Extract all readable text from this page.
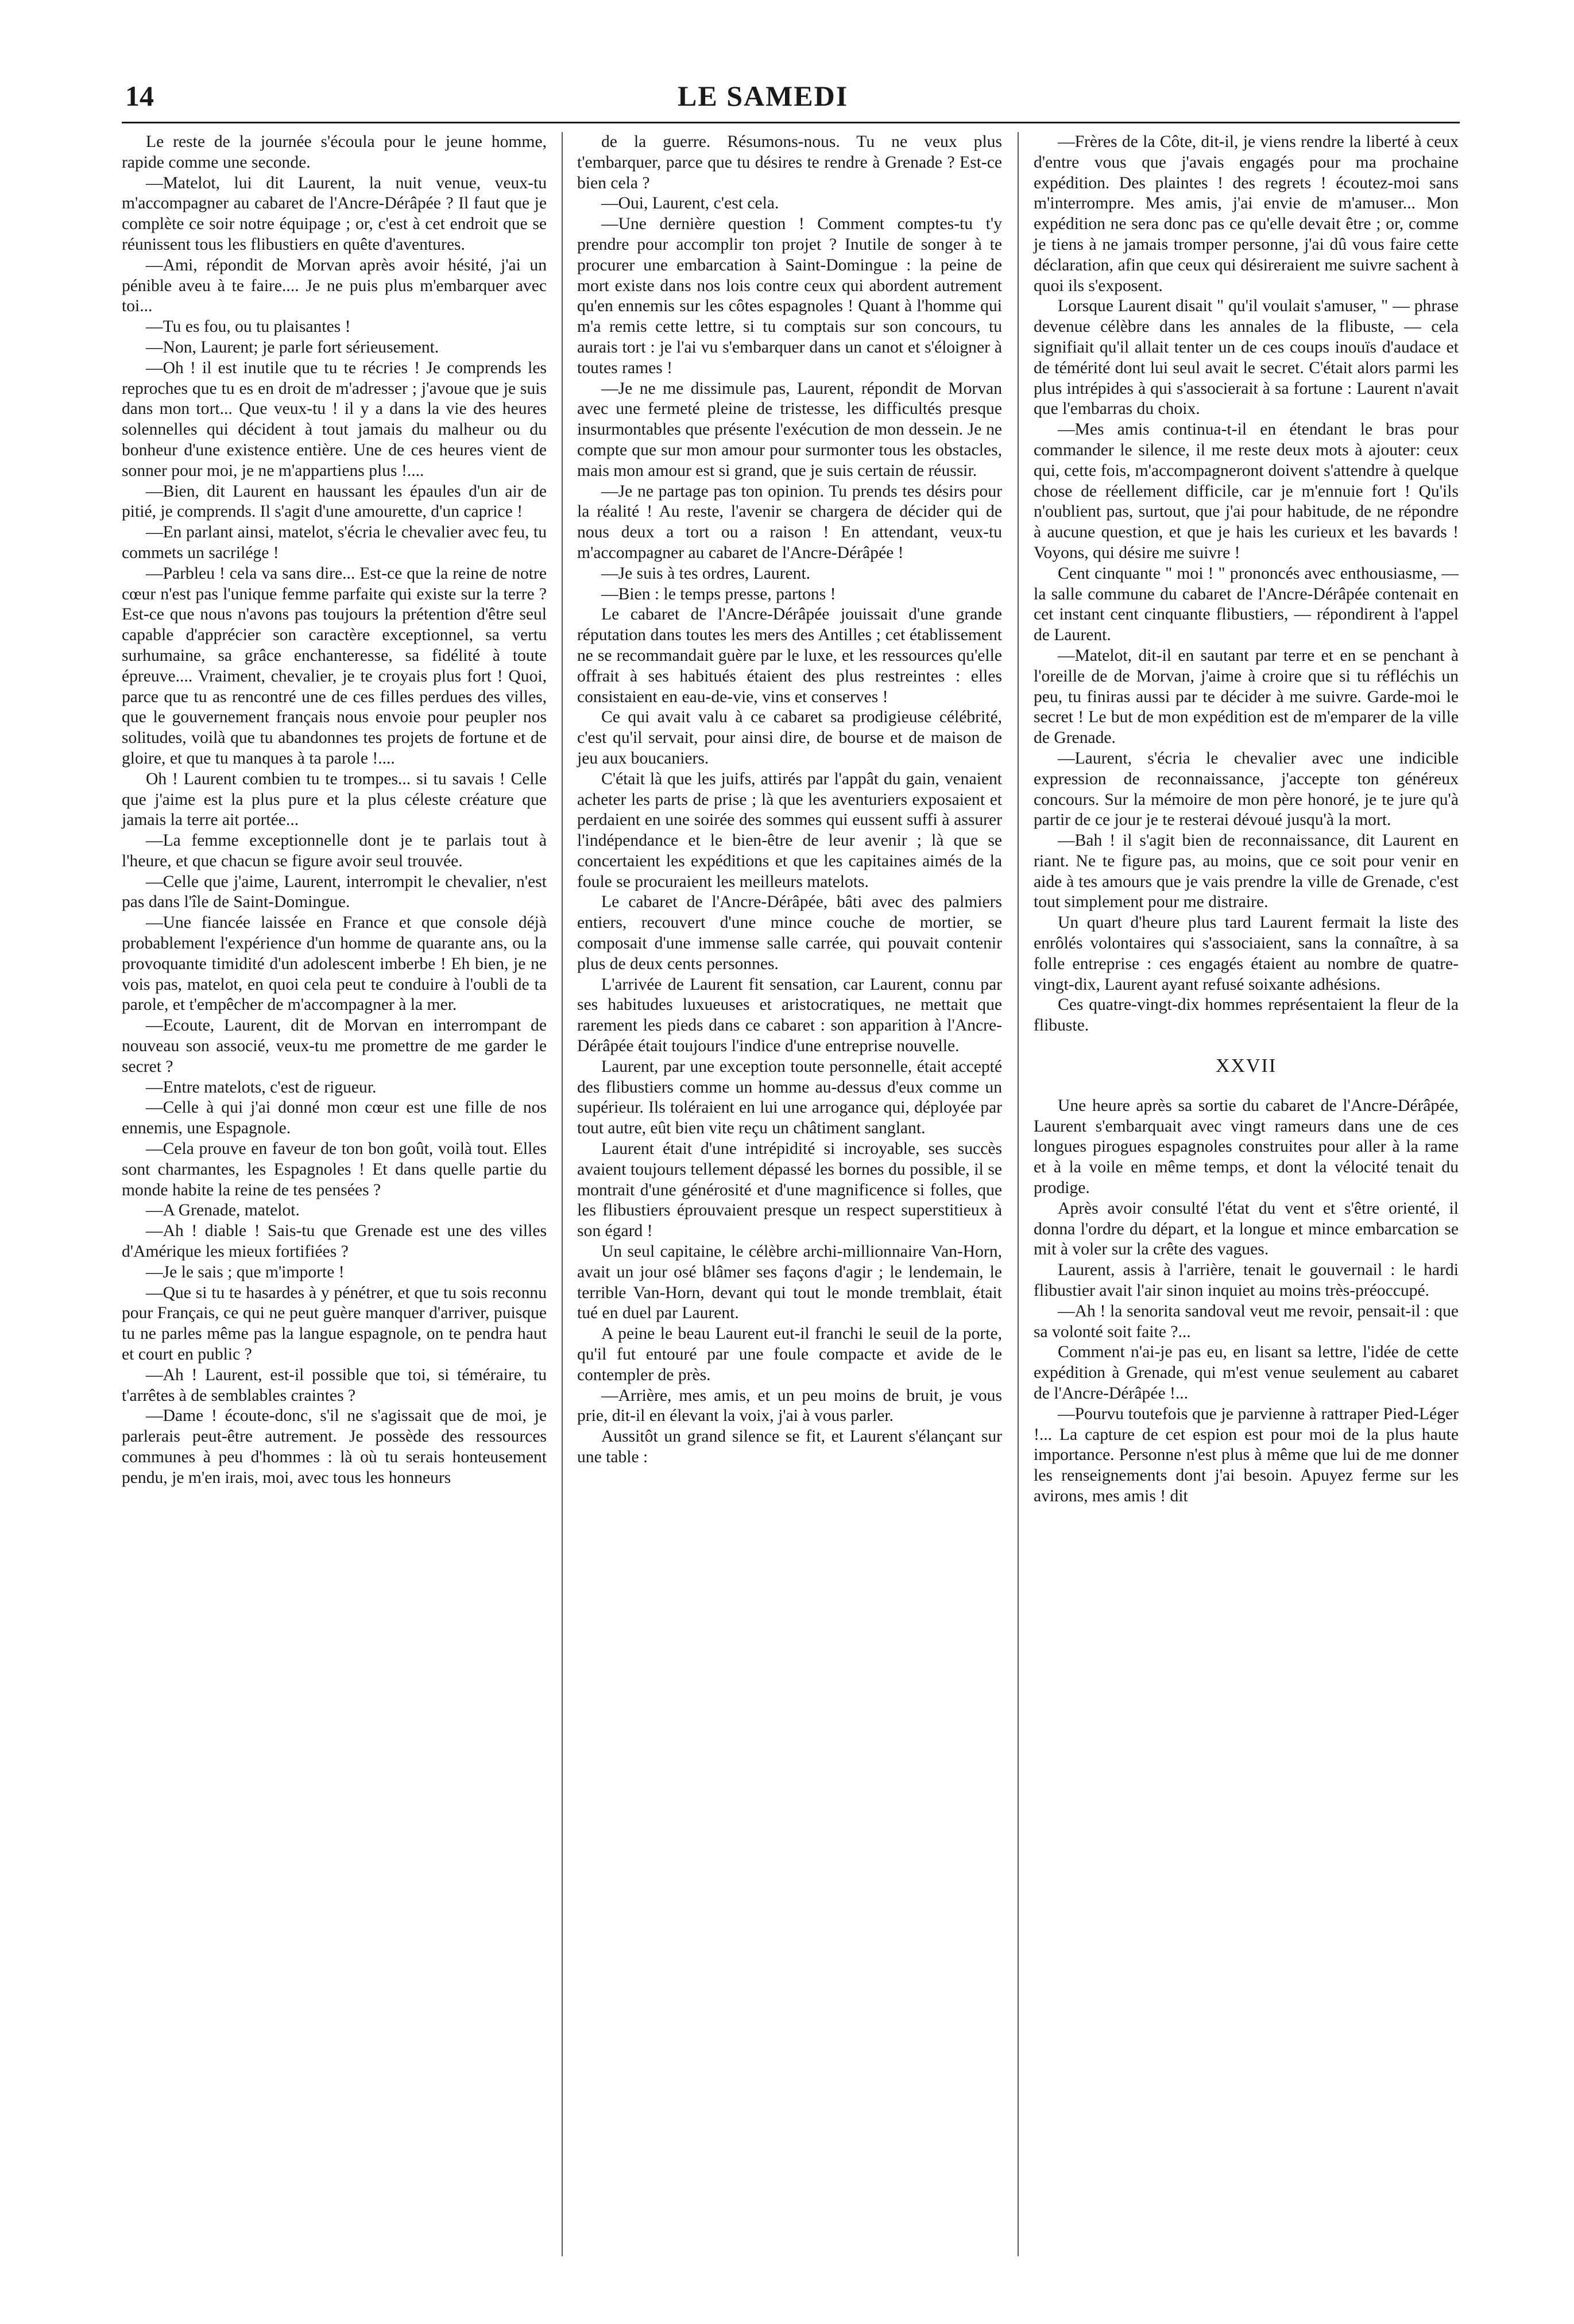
14	LE SAMEDI

Le reste de la journée s'écoula pour le jeune homme, rapide comme une seconde.

—Matelot, lui dit Laurent, la nuit venue, veux-tu m'accompagner au cabaret de l'Ancre-Dérâpée ? Il faut que je complète ce soir notre équipage ; or, c'est à cet endroit que se réunissent tous les flibustiers en quête d'aventures.

—Ami, répondit de Morvan après avoir hésité, j'ai un pénible aveu à te faire.... Je ne puis plus m'embarquer avec toi...

—Tu es fou, ou tu plaisantes !

—Non, Laurent; je parle fort sérieusement.

—Oh ! il est inutile que tu te récries ! Je comprends les reproches que tu es en droit de m'adresser ; j'avoue que je suis dans mon tort... Que veux-tu ! il y a dans la vie des heures solennelles qui décident à tout jamais du malheur ou du bonheur d'une existence entière. Une de ces heures vient de sonner pour moi, je ne m'appartiens plus !....

—Bien, dit Laurent en haussant les épaules d'un air de pitié, je comprends. Il s'agit d'une amourette, d'un caprice !

—En parlant ainsi, matelot, s'écria le chevalier avec feu, tu commets un sacrilége !

—Parbleu ! cela va sans dire... Est-ce que la reine de notre cœur n'est pas l'unique femme parfaite qui existe sur la terre ? Est-ce que nous n'avons pas toujours la prétention d'être seul capable d'apprécier son caractère exceptionnel, sa vertu surhumaine, sa grâce enchanteresse, sa fidélité à toute épreuve.... Vraiment, chevalier, je te croyais plus fort ! Quoi, parce que tu as rencontré une de ces filles perdues des villes, que le gouvernement français nous envoie pour peupler nos solitudes, voilà que tu abandonnes tes projets de fortune et de gloire, et que tu manques à ta parole !....

Oh ! Laurent combien tu te trompes... si tu savais ! Celle que j'aime est la plus pure et la plus céleste créature que jamais la terre ait portée...

—La femme exceptionnelle dont je te parlais tout à l'heure, et que chacun se figure avoir seul trouvée.

—Celle que j'aime, Laurent, interrompit le chevalier, n'est pas dans l'île de Saint-Domingue.

—Une fiancée laissée en France et que console déjà probablement l'expérience d'un homme de quarante ans, ou la provoquante timidité d'un adolescent imberbe ! Eh bien, je ne vois pas, matelot, en quoi cela peut te conduire à l'oubli de ta parole, et t'empêcher de m'accompagner à la mer.

—Ecoute, Laurent, dit de Morvan en interrompant de nouveau son associé, veux-tu me promettre de me garder le secret ?

—Entre matelots, c'est de rigueur.

—Celle à qui j'ai donné mon cœur est une fille de nos ennemis, une Espagnole.

—Cela prouve en faveur de ton bon goût, voilà tout. Elles sont charmantes, les Espagnoles ! Et dans quelle partie du monde habite la reine de tes pensées ?

—A Grenade, matelot.

—Ah ! diable ! Sais-tu que Grenade est une des villes d'Amérique les mieux fortifiées ?

—Je le sais ; que m'importe !

—Que si tu te hasardes à y pénétrer, et que tu sois reconnu pour Français, ce qui ne peut guère manquer d'arriver, puisque tu ne parles même pas la langue espagnole, on te pendra haut et court en public ?

—Ah ! Laurent, est-il possible que toi, si téméraire, tu t'arrêtes à de semblables craintes ?

—Dame ! écoute-donc, s'il ne s'agissait que de moi, je parlerais peut-être autrement. Je possède des ressources communes à peu d'hommes : là où tu serais honteusement pendu, je m'en irais, moi, avec tous les honneurs

de la guerre. Résumons-nous. Tu ne veux plus t'embarquer, parce que tu désires te rendre à Grenade ? Est-ce bien cela ?

—Oui, Laurent, c'est cela.

—Une dernière question ! Comment comptes-tu t'y prendre pour accomplir ton projet ? Inutile de songer à te procurer une embarcation à Saint-Domingue : la peine de mort existe dans nos lois contre ceux qui abordent autrement qu'en ennemis sur les côtes espagnoles ! Quant à l'homme qui m'a remis cette lettre, si tu comptais sur son concours, tu aurais tort : je l'ai vu s'embarquer dans un canot et s'éloigner à toutes rames !

—Je ne me dissimule pas, Laurent, répondit de Morvan avec une fermeté pleine de tristesse, les difficultés presque insurmontables que présente l'exécution de mon dessein. Je ne compte que sur mon amour pour surmonter tous les obstacles, mais mon amour est si grand, que je suis certain de réussir.

—Je ne partage pas ton opinion. Tu prends tes désirs pour la réalité ! Au reste, l'avenir se chargera de décider qui de nous deux a tort ou a raison ! En attendant, veux-tu m'accompagner au cabaret de l'Ancre-Dérâpée !

—Je suis à tes ordres, Laurent.

—Bien : le temps presse, partons !

Le cabaret de l'Ancre-Dérâpée jouissait d'une grande réputation dans toutes les mers des Antilles ; cet établissement ne se recommandait guère par le luxe, et les ressources qu'elle offrait à ses habitués étaient des plus restreintes : elles consistaient en eau-de-vie, vins et conserves !

Ce qui avait valu à ce cabaret sa prodigieuse célébrité, c'est qu'il servait, pour ainsi dire, de bourse et de maison de jeu aux boucaniers.

C'était là que les juifs, attirés par l'appât du gain, venaient acheter les parts de prise ; là que les aventuriers exposaient et perdaient en une soirée des sommes qui eussent suffi à assurer l'indépendance et le bien-être de leur avenir ; là que se concertaient les expéditions et que les capitaines aimés de la foule se procuraient les meilleurs matelots.

Le cabaret de l'Ancre-Dérâpée, bâti avec des palmiers entiers, recouvert d'une mince couche de mortier, se composait d'une immense salle carrée, qui pouvait contenir plus de deux cents personnes.

L'arrivée de Laurent fit sensation, car Laurent, connu par ses habitudes luxueuses et aristocratiques, ne mettait que rarement les pieds dans ce cabaret : son apparition à l'Ancre-Dérâpée était toujours l'indice d'une entreprise nouvelle.

Laurent, par une exception toute personnelle, était accepté des flibustiers comme un homme au-dessus d'eux comme un supérieur. Ils toléraient en lui une arrogance qui, déployée par tout autre, eût bien vite reçu un châtiment sanglant.

Laurent était d'une intrépidité si incroyable, ses succès avaient toujours tellement dépassé les bornes du possible, il se montrait d'une générosité et d'une magnificence si folles, que les flibustiers éprouvaient presque un respect superstitieux à son égard !

Un seul capitaine, le célèbre archi-millionnaire Van-Horn, avait un jour osé blâmer ses façons d'agir ; le lendemain, le terrible Van-Horn, devant qui tout le monde tremblait, était tué en duel par Laurent.

A peine le beau Laurent eut-il franchi le seuil de la porte, qu'il fut entouré par une foule compacte et avide de le contempler de près.

—Arrière, mes amis, et un peu moins de bruit, je vous prie, dit-il en élevant la voix, j'ai à vous parler.

Aussitôt un grand silence se fit, et Laurent s'élançant sur une table :

—Frères de la Côte, dit-il, je viens rendre la liberté à ceux d'entre vous que j'avais engagés pour ma prochaine expédition. Des plaintes ! des regrets ! écoutez-moi sans m'interrompre. Mes amis, j'ai envie de m'amuser... Mon expédition ne sera donc pas ce qu'elle devait être ; or, comme je tiens à ne jamais tromper personne, j'ai dû vous faire cette déclaration, afin que ceux qui désireraient me suivre sachent à quoi ils s'exposent.

Lorsque Laurent disait " qu'il voulait s'amuser, " — phrase devenue célèbre dans les annales de la flibuste, — cela signifiait qu'il allait tenter un de ces coups inouïs d'audace et de témérité dont lui seul avait le secret. C'était alors parmi les plus intrépides à qui s'associerait à sa fortune : Laurent n'avait que l'embarras du choix.

—Mes amis continua-t-il en étendant le bras pour commander le silence, il me reste deux mots à ajouter: ceux qui, cette fois, m'accompagneront doivent s'attendre à quelque chose de réellement difficile, car je m'ennuie fort ! Qu'ils n'oublient pas, surtout, que j'ai pour habitude, de ne répondre à aucune question, et que je hais les curieux et les bavards ! Voyons, qui désire me suivre !

Cent cinquante " moi ! " prononcés avec enthousiasme, — la salle commune du cabaret de l'Ancre-Dérâpée contenait en cet instant cent cinquante flibustiers, — répondirent à l'appel de Laurent.

—Matelot, dit-il en sautant par terre et en se penchant à l'oreille de de Morvan, j'aime à croire que si tu réfléchis un peu, tu finiras aussi par te décider à me suivre. Garde-moi le secret ! Le but de mon expédition est de m'emparer de la ville de Grenade.

—Laurent, s'écria le chevalier avec une indicible expression de reconnaissance, j'accepte ton généreux concours. Sur la mémoire de mon père honoré, je te jure qu'à partir de ce jour je te resterai dévoué jusqu'à la mort.

—Bah ! il s'agit bien de reconnaissance, dit Laurent en riant. Ne te figure pas, au moins, que ce soit pour venir en aide à tes amours que je vais prendre la ville de Grenade, c'est tout simplement pour me distraire.

Un quart d'heure plus tard Laurent fermait la liste des enrôlés volontaires qui s'associaient, sans la connaître, à sa folle entreprise : ces engagés étaient au nombre de quatre-vingt-dix, Laurent ayant refusé soixante adhésions.

Ces quatre-vingt-dix hommes représentaient la fleur de la flibuste.

XXVII

Une heure après sa sortie du cabaret de l'Ancre-Dérâpée, Laurent s'embarquait avec vingt rameurs dans une de ces longues pirogues espagnoles construites pour aller à la rame et à la voile en même temps, et dont la vélocité tenait du prodige.

Après avoir consulté l'état du vent et s'être orienté, il donna l'ordre du départ, et la longue et mince embarcation se mit à voler sur la crête des vagues.

Laurent, assis à l'arrière, tenait le gouvernail : le hardi flibustier avait l'air sinon inquiet au moins très-préoccupé.

—Ah ! la senorita sandoval veut me revoir, pensait-il : que sa volonté soit faite ?...

Comment n'ai-je pas eu, en lisant sa lettre, l'idée de cette expédition à Grenade, qui m'est venue seulement au cabaret de l'Ancre-Dérâpée !...

—Pourvu toutefois que je parvienne à rattraper Pied-Léger !... La capture de cet espion est pour moi de la plus haute importance. Personne n'est plus à même que lui de me donner les renseignements dont j'ai besoin. Apuyez ferme sur les avirons, mes amis ! dit
